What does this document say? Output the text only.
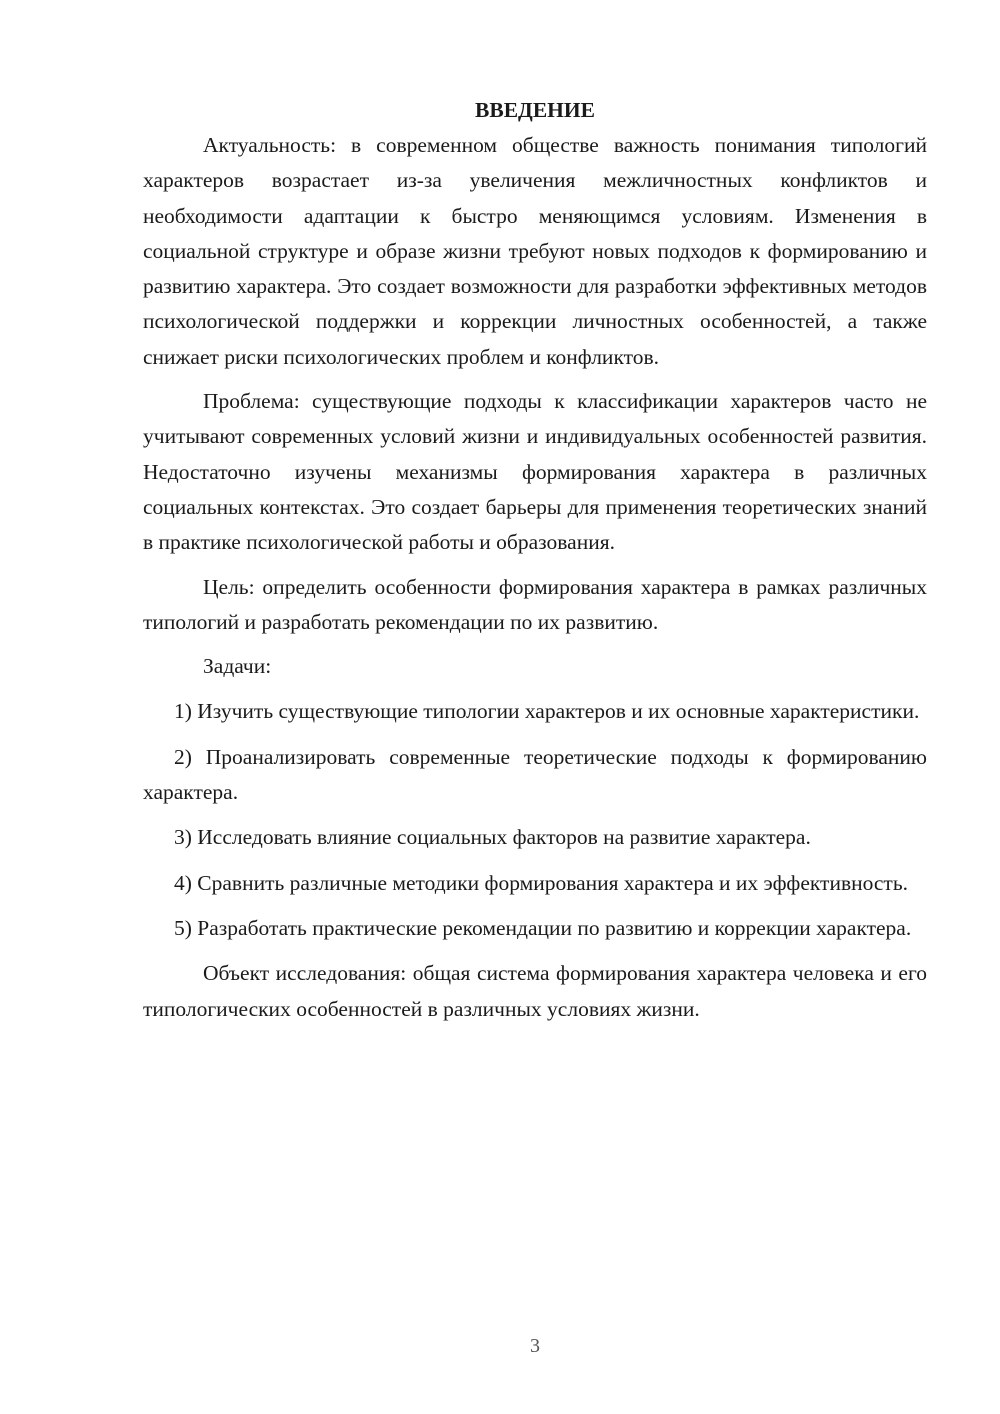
ВВЕДЕНИЕ

Актуальность: в современном обществе важность понимания типологий характеров возрастает из-за увеличения межличностных конфликтов и необходимости адаптации к быстро меняющимся условиям. Изменения в социальной структуре и образе жизни требуют новых подходов к формированию и развитию характера. Это создает возможности для разработки эффективных методов психологической поддержки и коррекции личностных особенностей, а также снижает риски психологических проблем и конфликтов.

Проблема: существующие подходы к классификации характеров часто не учитывают современных условий жизни и индивидуальных особенностей развития. Недостаточно изучены механизмы формирования характера в различных социальных контекстах. Это создает барьеры для применения теоретических знаний в практике психологической работы и образования.

Цель: определить особенности формирования характера в рамках различных типологий и разработать рекомендации по их развитию.

Задачи:

1) Изучить существующие типологии характеров и их основные характеристики.

2) Проанализировать современные теоретические подходы к формированию характера.

3) Исследовать влияние социальных факторов на развитие характера.

4) Сравнить различные методики формирования характера и их эффективность.

5) Разработать практические рекомендации по развитию и коррекции характера.

Объект исследования: общая система формирования характера человека и его типологических особенностей в различных условиях жизни.

3
